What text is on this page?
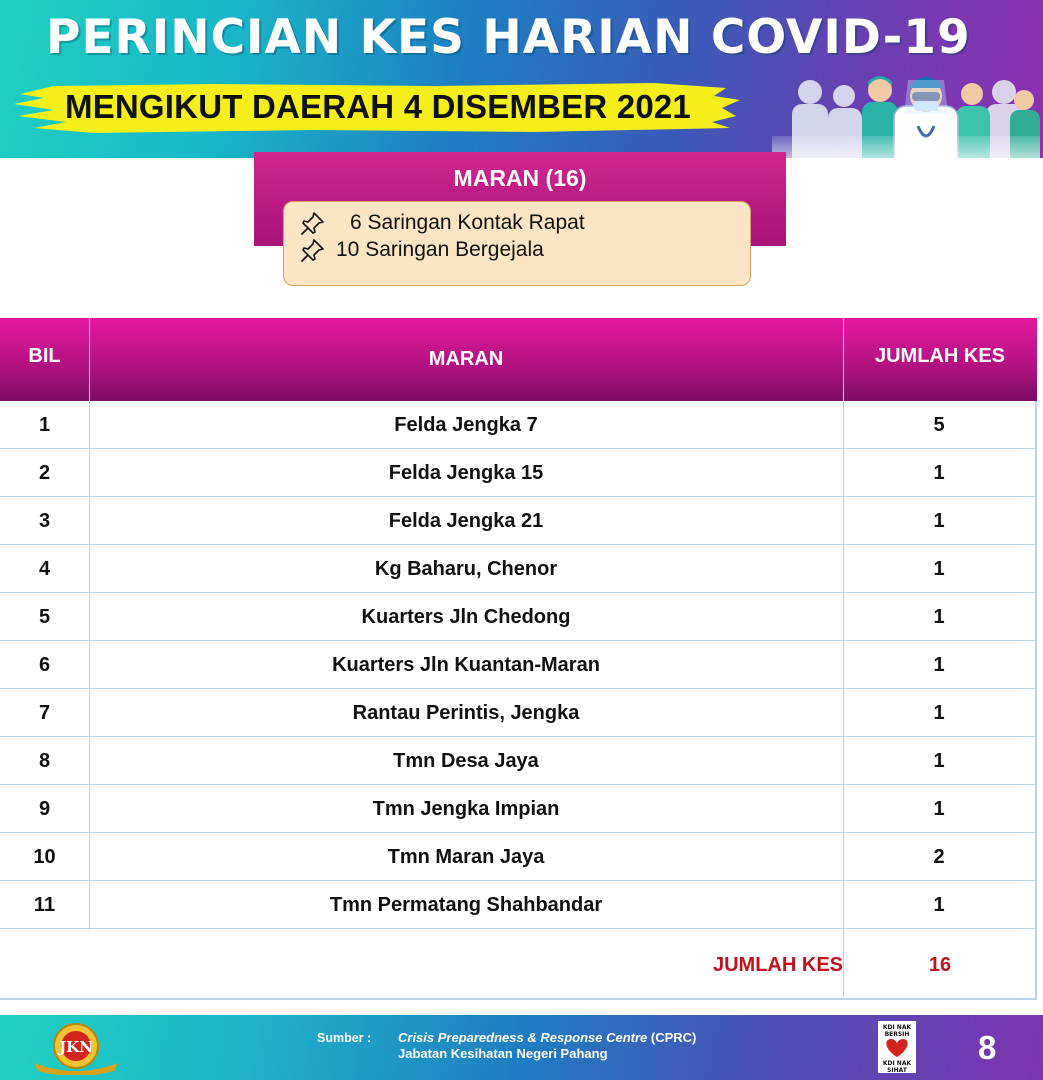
PERINCIAN KES HARIAN COVID-19
MENGIKUT DAERAH 4 DISEMBER 2021
MARAN (16)
6 Saringan Kontak Rapat
10 Saringan Bergejala
BIL	MARAN	JUMLAH KES
1	Felda Jengka 7	5
2	Felda Jengka 15	1
3	Felda Jengka 21	1
4	Kg Baharu, Chenor	1
5	Kuarters Jln Chedong	1
6	Kuarters Jln Kuantan-Maran	1
7	Rantau Perintis, Jengka	1
8	Tmn Desa Jaya	1
9	Tmn Jengka Impian	1
10	Tmn Maran Jaya	2
11	Tmn Permatang Shahbandar	1
JUMLAH KES	16
JKN	Sumber : Crisis Preparedness & Response Centre (CPRC)
Jabatan Kesihatan Negeri Pahang
KDI NAK
BERSIH
KDI NAK
SIHAT
8
